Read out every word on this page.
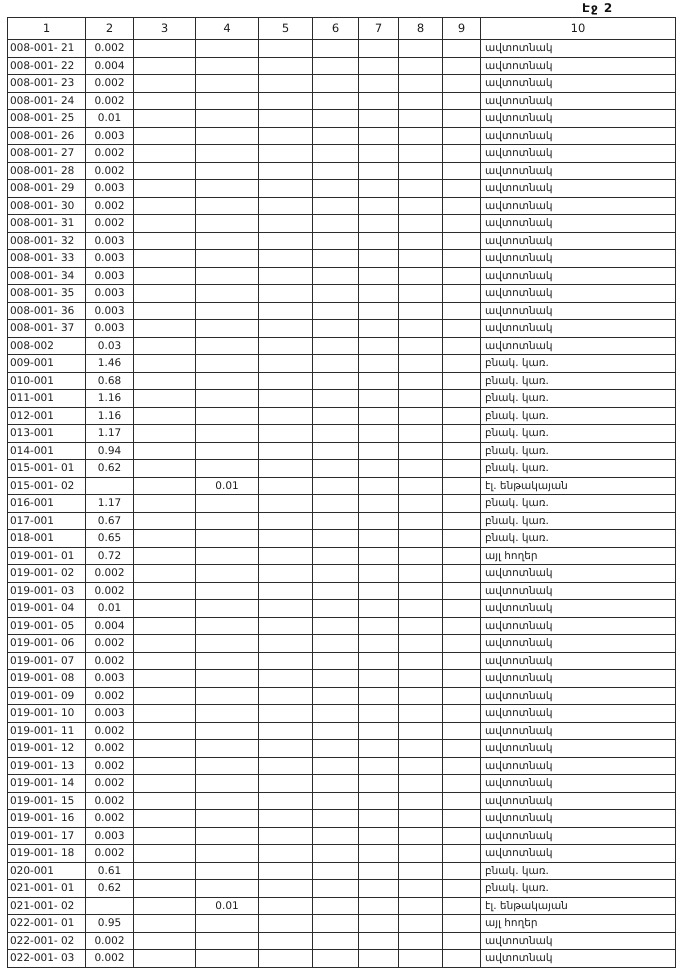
Էջ 2
1	2	3	4	5	6	7	8	9	10
008-001- 21	0.002								ավտոտնակ
008-001- 22	0.004								ավտոտնակ
008-001- 23	0.002								ավտոտնակ
008-001- 24	0.002								ավտոտնակ
008-001- 25	0.01								ավտոտնակ
008-001- 26	0.003								ավտոտնակ
008-001- 27	0.002								ավտոտնակ
008-001- 28	0.002								ավտոտնակ
008-001- 29	0.003								ավտոտնակ
008-001- 30	0.002								ավտոտնակ
008-001- 31	0.002								ավտոտնակ
008-001- 32	0.003								ավտոտնակ
008-001- 33	0.003								ավտոտնակ
008-001- 34	0.003								ավտոտնակ
008-001- 35	0.003								ավտոտնակ
008-001- 36	0.003								ավտոտնակ
008-001- 37	0.003								ավտոտնակ
008-002	0.03								ավտոտնակ
009-001	1.46								բնակ. կառ.
010-001	0.68								բնակ. կառ.
011-001	1.16								բնակ. կառ.
012-001	1.16								բնակ. կառ.
013-001	1.17								բնակ. կառ.
014-001	0.94								բնակ. կառ.
015-001- 01	0.62								բնակ. կառ.
015-001- 02			0.01						էլ. ենթակայան
016-001	1.17								բնակ. կառ.
017-001	0.67								բնակ. կառ.
018-001	0.65								բնակ. կառ.
019-001- 01	0.72								այլ հողեր
019-001- 02	0.002								ավտոտնակ
019-001- 03	0.002								ավտոտնակ
019-001- 04	0.01								ավտոտնակ
019-001- 05	0.004								ավտոտնակ
019-001- 06	0.002								ավտոտնակ
019-001- 07	0.002								ավտոտնակ
019-001- 08	0.003								ավտոտնակ
019-001- 09	0.002								ավտոտնակ
019-001- 10	0.003								ավտոտնակ
019-001- 11	0.002								ավտոտնակ
019-001- 12	0.002								ավտոտնակ
019-001- 13	0.002								ավտոտնակ
019-001- 14	0.002								ավտոտնակ
019-001- 15	0.002								ավտոտնակ
019-001- 16	0.002								ավտոտնակ
019-001- 17	0.003								ավտոտնակ
019-001- 18	0.002								ավտոտնակ
020-001	0.61								բնակ. կառ.
021-001- 01	0.62								բնակ. կառ.
021-001- 02			0.01						էլ. ենթակայան
022-001- 01	0.95								այլ հողեր
022-001- 02	0.002								ավտոտնակ
022-001- 03	0.002								ավտոտնակ
